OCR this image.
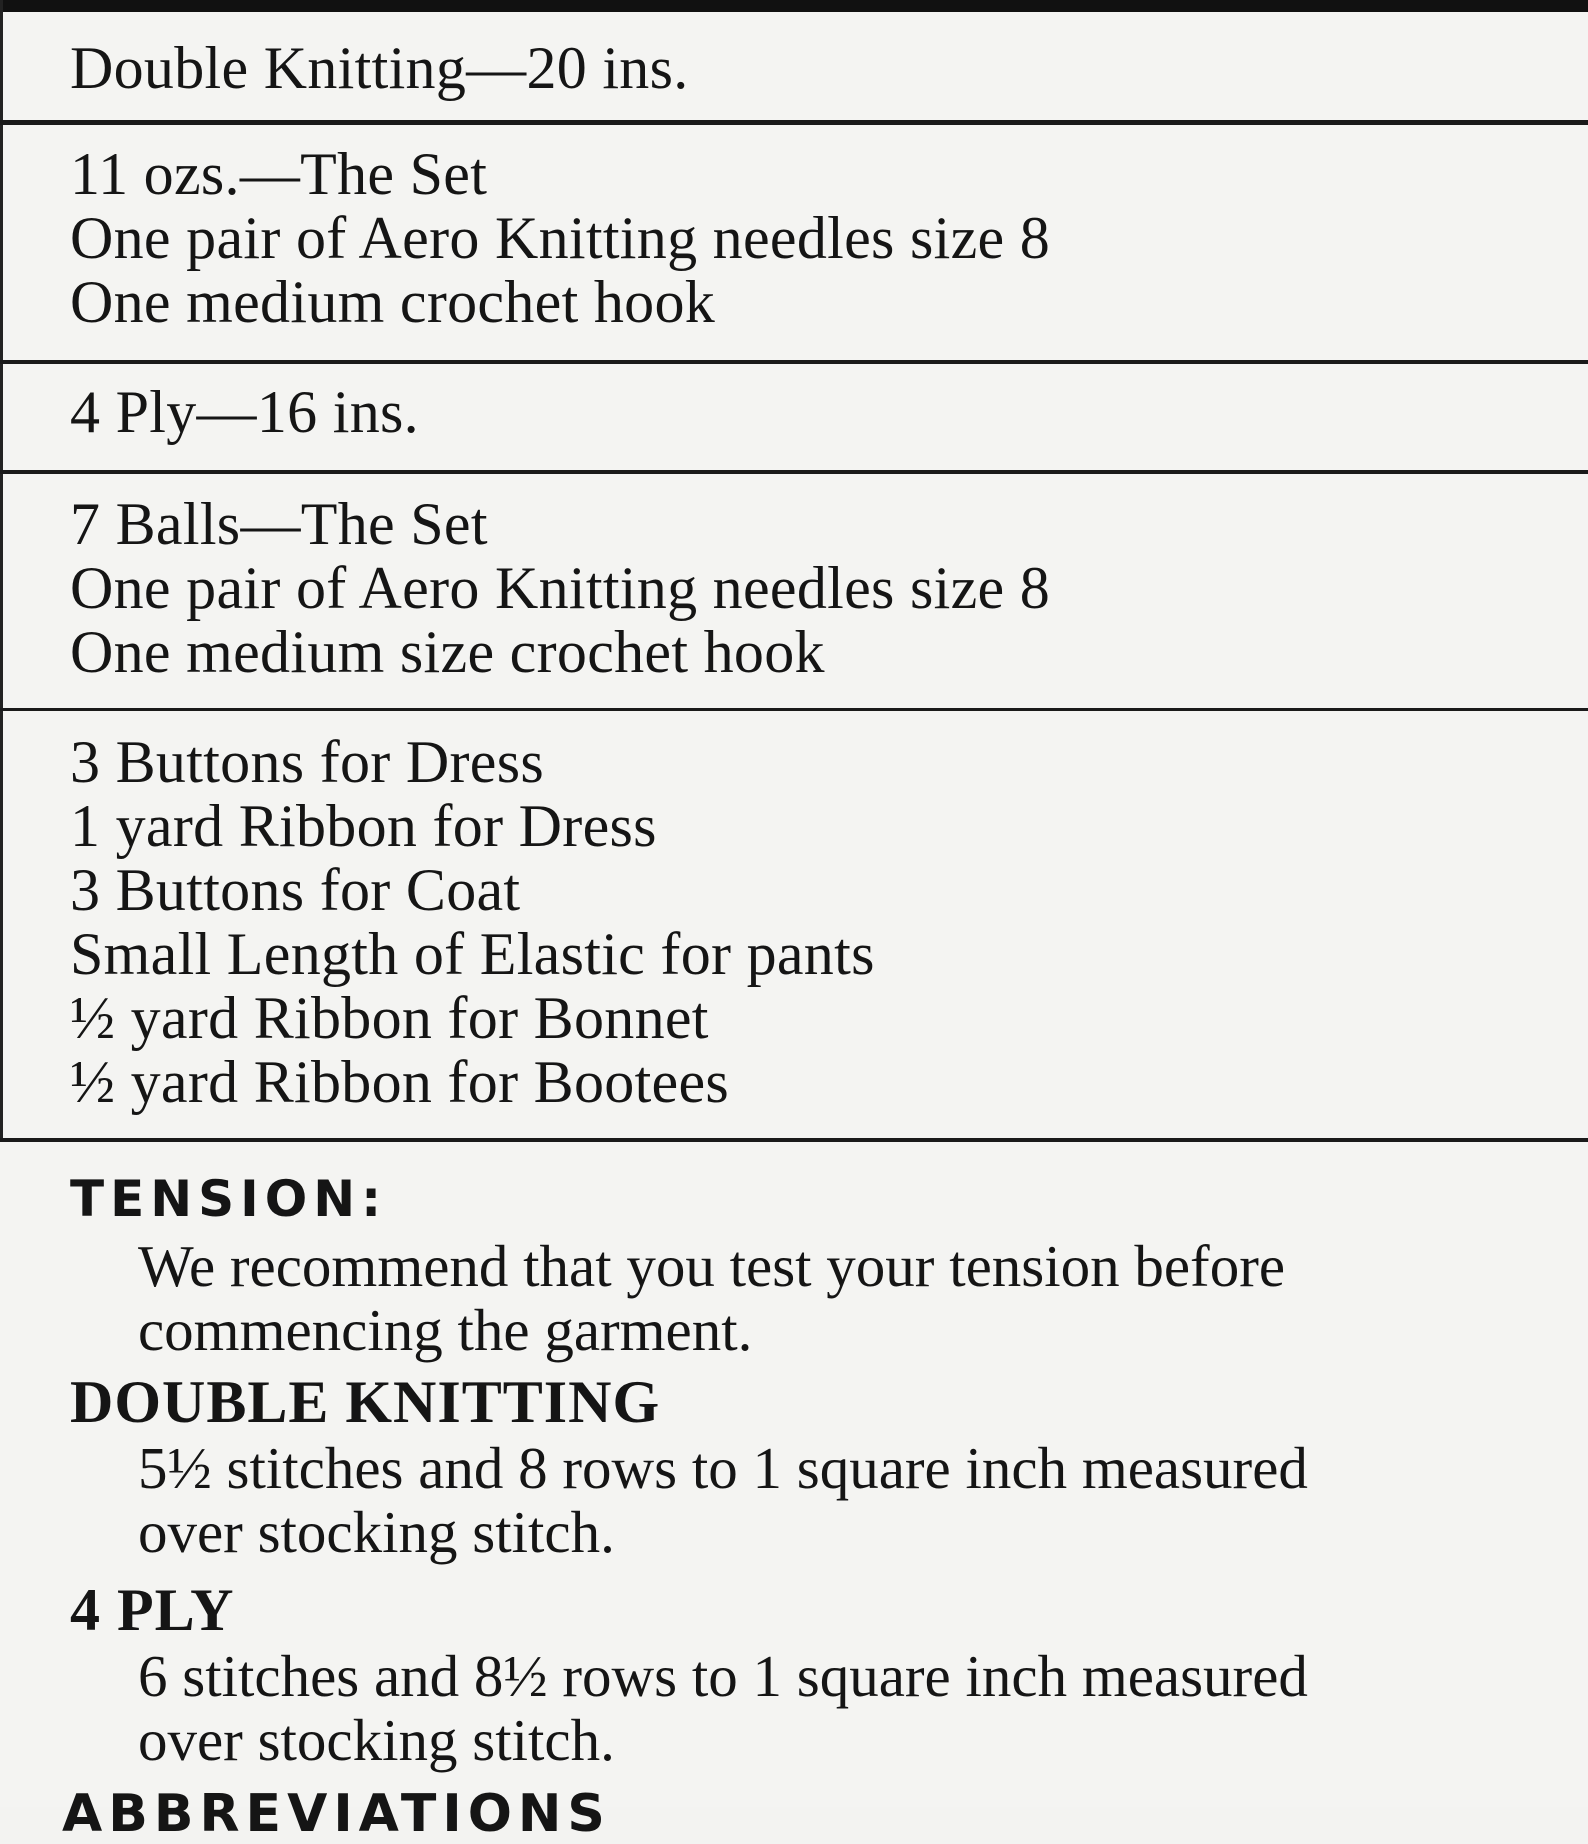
Double Knitting—20 ins.
11 ozs.—The Set
One pair of Aero Knitting needles size 8
One medium crochet hook
4 Ply—16 ins.
7 Balls—The Set
One pair of Aero Knitting needles size 8
One medium size crochet hook
3 Buttons for Dress
1 yard Ribbon for Dress
3 Buttons for Coat
Small Length of Elastic for pants
½ yard Ribbon for Bonnet
½ yard Ribbon for Bootees
TENSION:
We recommend that you test your tension before
commencing the garment.
DOUBLE KNITTING
5½ stitches and 8 rows to 1 square inch measured
over stocking stitch.
4 PLY
6 stitches and 8½ rows to 1 square inch measured
over stocking stitch.
ABBREVIATIONS
